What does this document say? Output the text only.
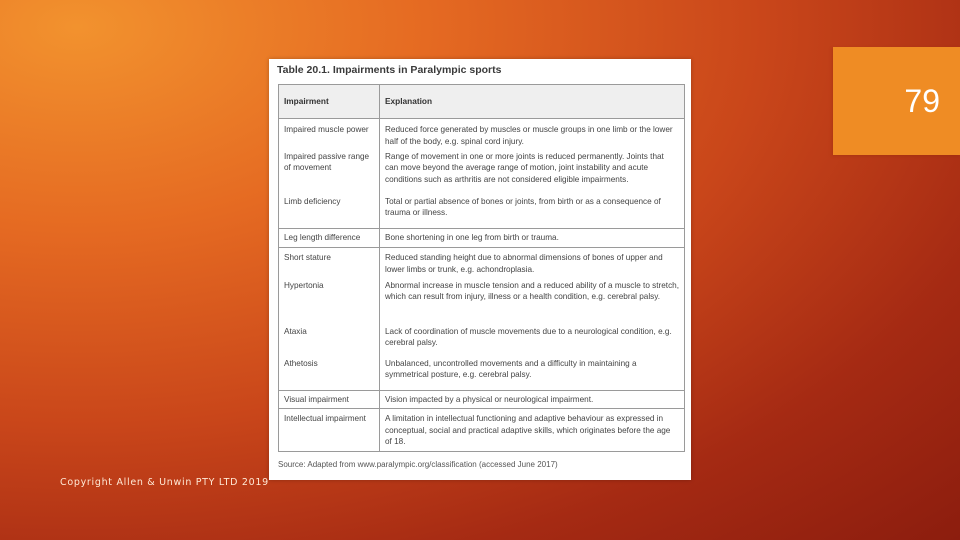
Table 20.1. Impairments in Paralympic sports
Impairment	Explanation
Impaired muscle power	Reduced force generated by muscles or muscle groups in one limb or the lower half of the body, e.g. spinal cord injury.
Impaired passive range of movement	Range of movement in one or more joints is reduced permanently. Joints that can move beyond the average range of motion, joint instability and acute conditions such as arthritis are not considered eligible impairments.
Limb deficiency	Total or partial absence of bones or joints, from birth or as a consequence of trauma or illness.
Leg length difference	Bone shortening in one leg from birth or trauma.
Short stature	Reduced standing height due to abnormal dimensions of bones of upper and lower limbs or trunk, e.g. achondroplasia.
Hypertonia	Abnormal increase in muscle tension and a reduced ability of a muscle to stretch, which can result from injury, illness or a health condition, e.g. cerebral palsy.
Ataxia	Lack of coordination of muscle movements due to a neurological condition, e.g. cerebral palsy.
Athetosis	Unbalanced, uncontrolled movements and a difficulty in maintaining a symmetrical posture, e.g. cerebral palsy.
Visual impairment	Vision impacted by a physical or neurological impairment.
Intellectual impairment	A limitation in intellectual functioning and adaptive behaviour as expressed in conceptual, social and practical adaptive skills, which originates before the age of 18.
Source: Adapted from www.paralympic.org/classification (accessed June 2017)
79
Copyright Allen & Unwin PTY LTD 2019
